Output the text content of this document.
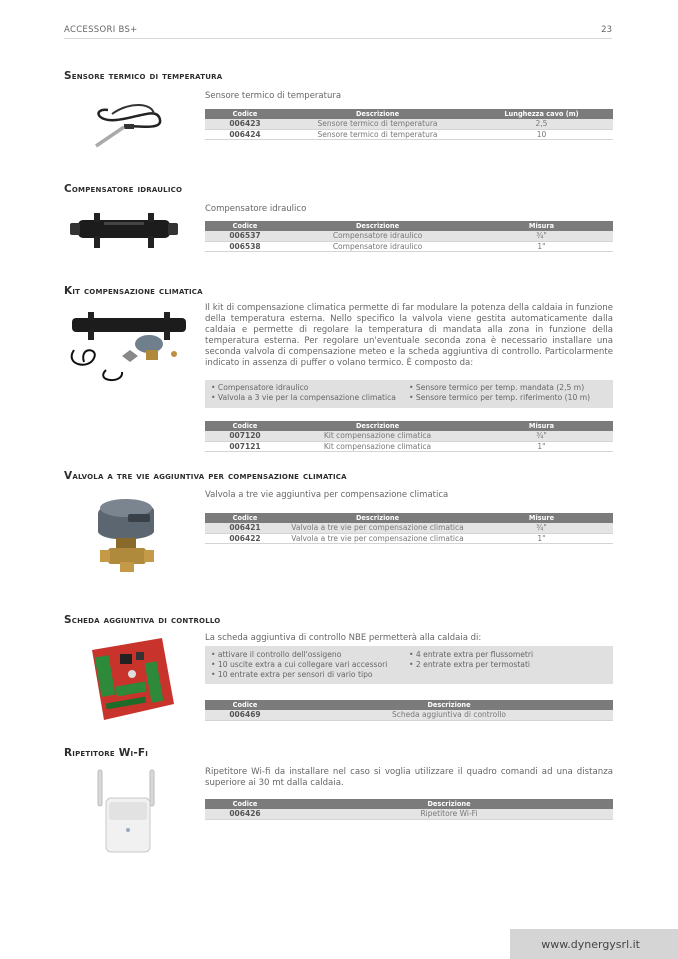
ACCESSORI BS+	23
Sensore termico di temperatura
Sensore termico di temperatura
Codice	Descrizione	Lunghezza cavo (m)
006423	Sensore termico di temperatura	2,5
006424	Sensore termico di temperatura	10
Compensatore idraulico
Compensatore idraulico
Codice	Descrizione	Misura
006537	Compensatore idraulico	¾"
006538	Compensatore idraulico	1"
Kit compensazione climatica
Il kit di compensazione climatica permette di far modulare la potenza della caldaia in funzione della temperatura esterna. Nello specifico la valvola viene gestita automaticamente dalla caldaia e permette di regolare la temperatura di mandata alla zona in funzione della temperatura esterna. Per regolare un'eventuale seconda zona è necessario installare una seconda valvola di compensazione meteo e la scheda aggiuntiva di controllo. Particolarmente indicato in assenza di puffer o volano termico. È composto da:
• Compensatore idraulico
• Valvola a 3 vie per la compensazione climatica
• Sensore termico per temp. mandata (2,5 m)
• Sensore termico per temp. riferimento (10 m)
Codice	Descrizione	Misura
007120	Kit compensazione climatica	¾"
007121	Kit compensazione climatica	1"
Valvola a tre vie aggiuntiva per compensazione climatica
Valvola a tre vie aggiuntiva per compensazione climatica
Codice	Descrizione	Misure
006421	Valvola a tre vie per compensazione climatica	¾"
006422	Valvola a tre vie per compensazione climatica	1"
Scheda aggiuntiva di controllo
La scheda aggiuntiva di controllo NBE permetterà alla caldaia di:
• attivare il controllo dell'ossigeno
• 10 uscite extra a cui collegare vari accessori
• 10 entrate extra per sensori di vario tipo
• 4 entrate extra per flussometri
• 2 entrate extra per termostati
Codice	Descrizione
006469	Scheda aggiuntiva di controllo
Ripetitore Wi-Fi
Ripetitore Wi-fi da installare nel caso si voglia utilizzare il quadro comandi ad una distanza superiore ai 30 mt dalla caldaia.
Codice	Descrizione
006426	Ripetitore Wi-Fi
www.dynergysrl.it
